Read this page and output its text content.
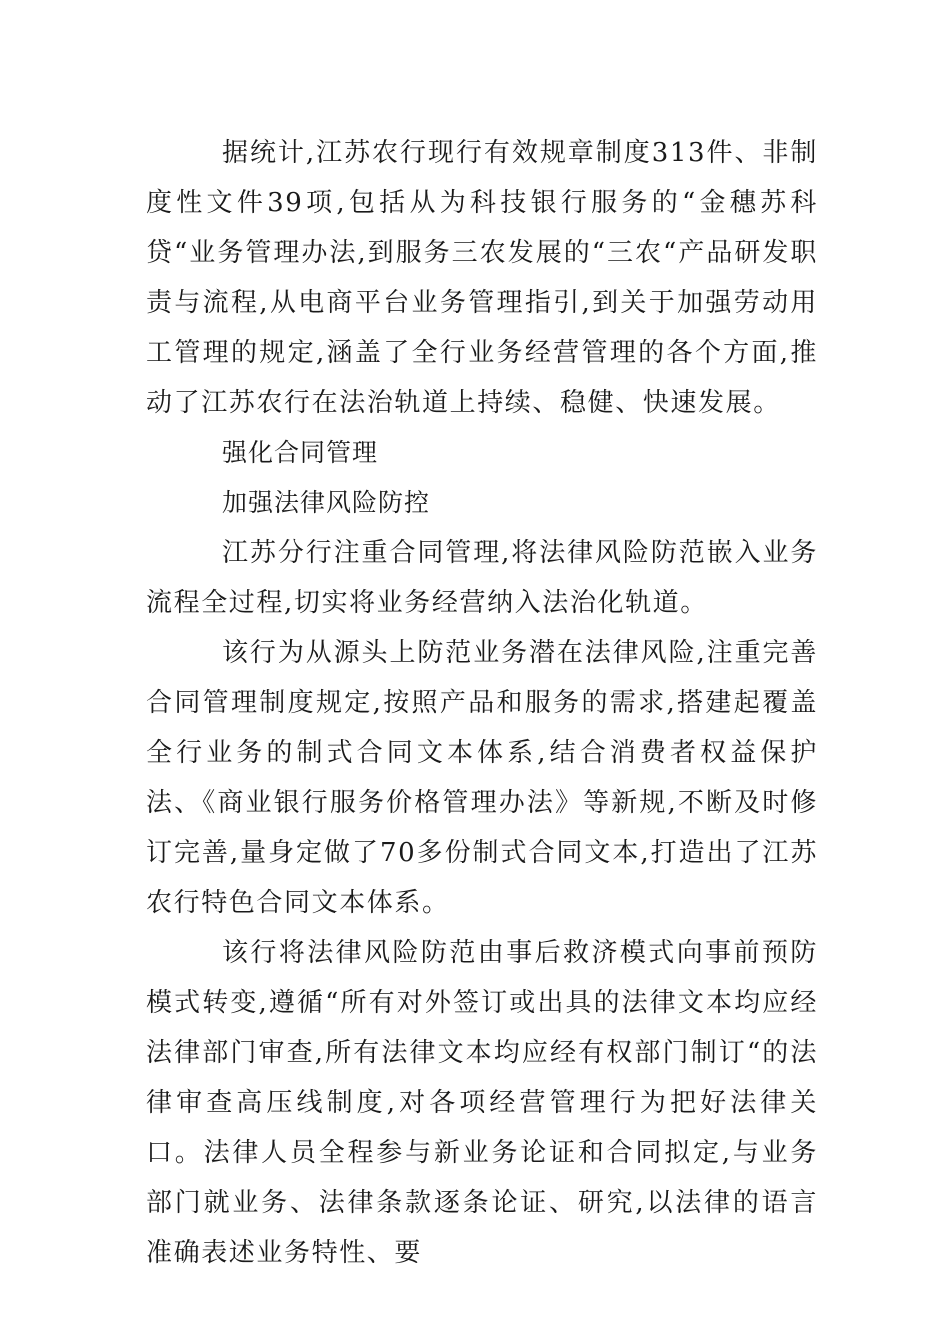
据统计,江苏农行现行有效规章制度313件、非制度性文件39项,包括从为科技银行服务的“金穗苏科贷“业务管理办法,到服务三农发展的“三农“产品研发职责与流程,从电商平台业务管理指引,到关于加强劳动用工管理的规定,涵盖了全行业务经营管理的各个方面,推动了江苏农行在法治轨道上持续、稳健、快速发展。

强化合同管理

加强法律风险防控

江苏分行注重合同管理,将法律风险防范嵌入业务流程全过程,切实将业务经营纳入法治化轨道。

该行为从源头上防范业务潜在法律风险,注重完善合同管理制度规定,按照产品和服务的需求,搭建起覆盖全行业务的制式合同文本体系,结合消费者权益保护法、《商业银行服务价格管理办法》等新规,不断及时修订完善,量身定做了70多份制式合同文本,打造出了江苏农行特色合同文本体系。

该行将法律风险防范由事后救济模式向事前预防模式转变,遵循“所有对外签订或出具的法律文本均应经法律部门审查,所有法律文本均应经有权部门制订“的法律审查高压线制度,对各项经营管理行为把好法律关口。法律人员全程参与新业务论证和合同拟定,与业务部门就业务、法律条款逐条论证、研究,以法律的语言准确表述业务特性、要
